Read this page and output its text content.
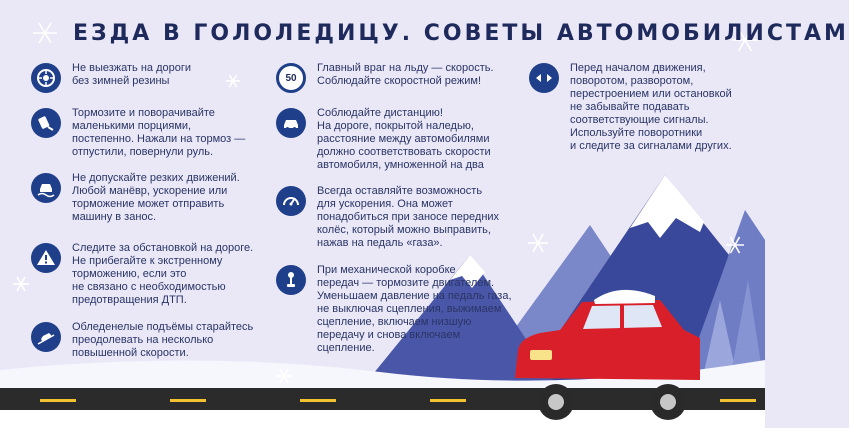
ЕЗДА В ГОЛОЛЕДИЦУ. СОВЕТЫ АВТОМОБИЛИСТАМ
Не выезжать на дороги
без зимней резины
Тормозите и поворачивайте
маленькими порциями,
постепенно. Нажали на тормоз —
отпустили, повернули руль.
Не допускайте резких движений.
Любой манёвр, ускорение или
торможение может отправить
машину в занос.
Следите за обстановкой на дороге.
Не прибегайте к экстренному
торможению, если это
не связано с необходимостью
предотвращения ДТП.
Обледенелые подъёмы старайтесь
преодолевать на несколько
повышенной скорости.
50
Главный враг на льду — скорость.
Соблюдайте скоростной режим!
Соблюдайте дистанцию!
На дороге, покрытой наледью,
расстояние между автомобилями
должно соответствовать скорости
автомобиля, умноженной на два
Всегда оставляйте возможность
для ускорения. Она может
понадобиться при заносе передних
колёс, который можно выправить,
нажав на педаль «газа».
При механической коробке
передач — тормозите двигателем.
Уменьшаем давление на педаль газа,
не выключая сцепления, выжимаем
сцепление, включаем низшую
передачу и снова включаем
сцепление.
Перед началом движения,
поворотом, разворотом,
перестроением или остановкой
не забывайте подавать
соответствующие сигналы.
Используйте поворотники
и следите за сигналами других.
